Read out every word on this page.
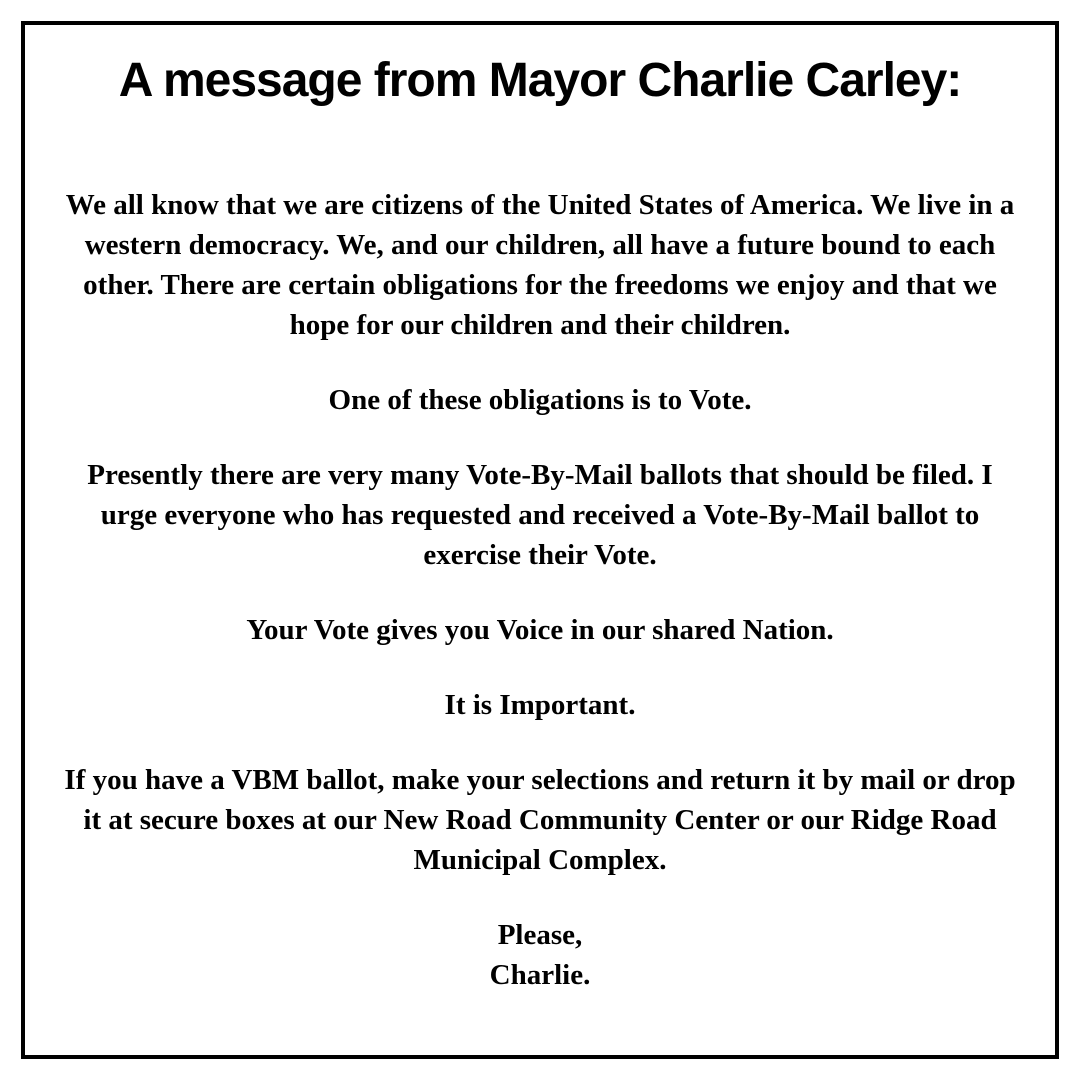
A message from Mayor Charlie Carley:

We all know that we are citizens of the United States of America. We live in a western democracy. We, and our children, all have a future bound to each other. There are certain obligations for the freedoms we enjoy and that we hope for our children and their children.

One of these obligations is to Vote.

Presently there are very many Vote-By-Mail ballots that should be filed. I urge everyone who has requested and received a Vote-By-Mail ballot to exercise their Vote.

Your Vote gives you Voice in our shared Nation.

It is Important.

If you have a VBM ballot, make your selections and return it by mail or drop it at secure boxes at our New Road Community Center or our Ridge Road Municipal Complex.

Please,
Charlie.
